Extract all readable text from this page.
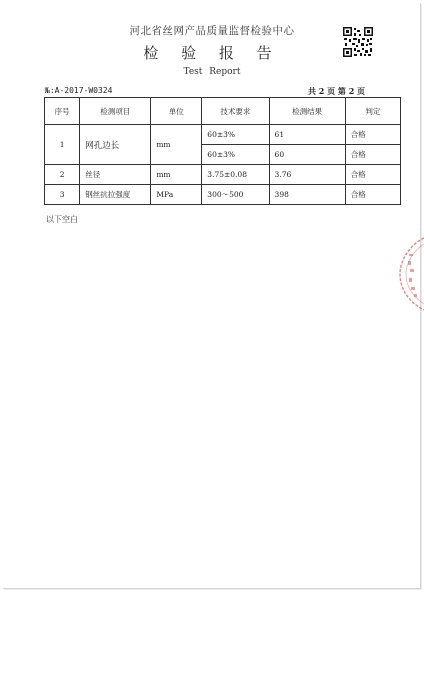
河北省丝网产品质量监督检验中心
检 验 报 告
Test Report
№:A-2017-W0324	共 2 页 第 2 页
序号	检测项目	单位	技术要求	检测结果	判定
1	网孔边长	mm	60±3%	61	合格
			60±3%	60	合格
2	丝径	mm	3.75±0.08	3.76	合格
3	钢丝抗拉强度	MPa	300～500	398	合格
以下空白
